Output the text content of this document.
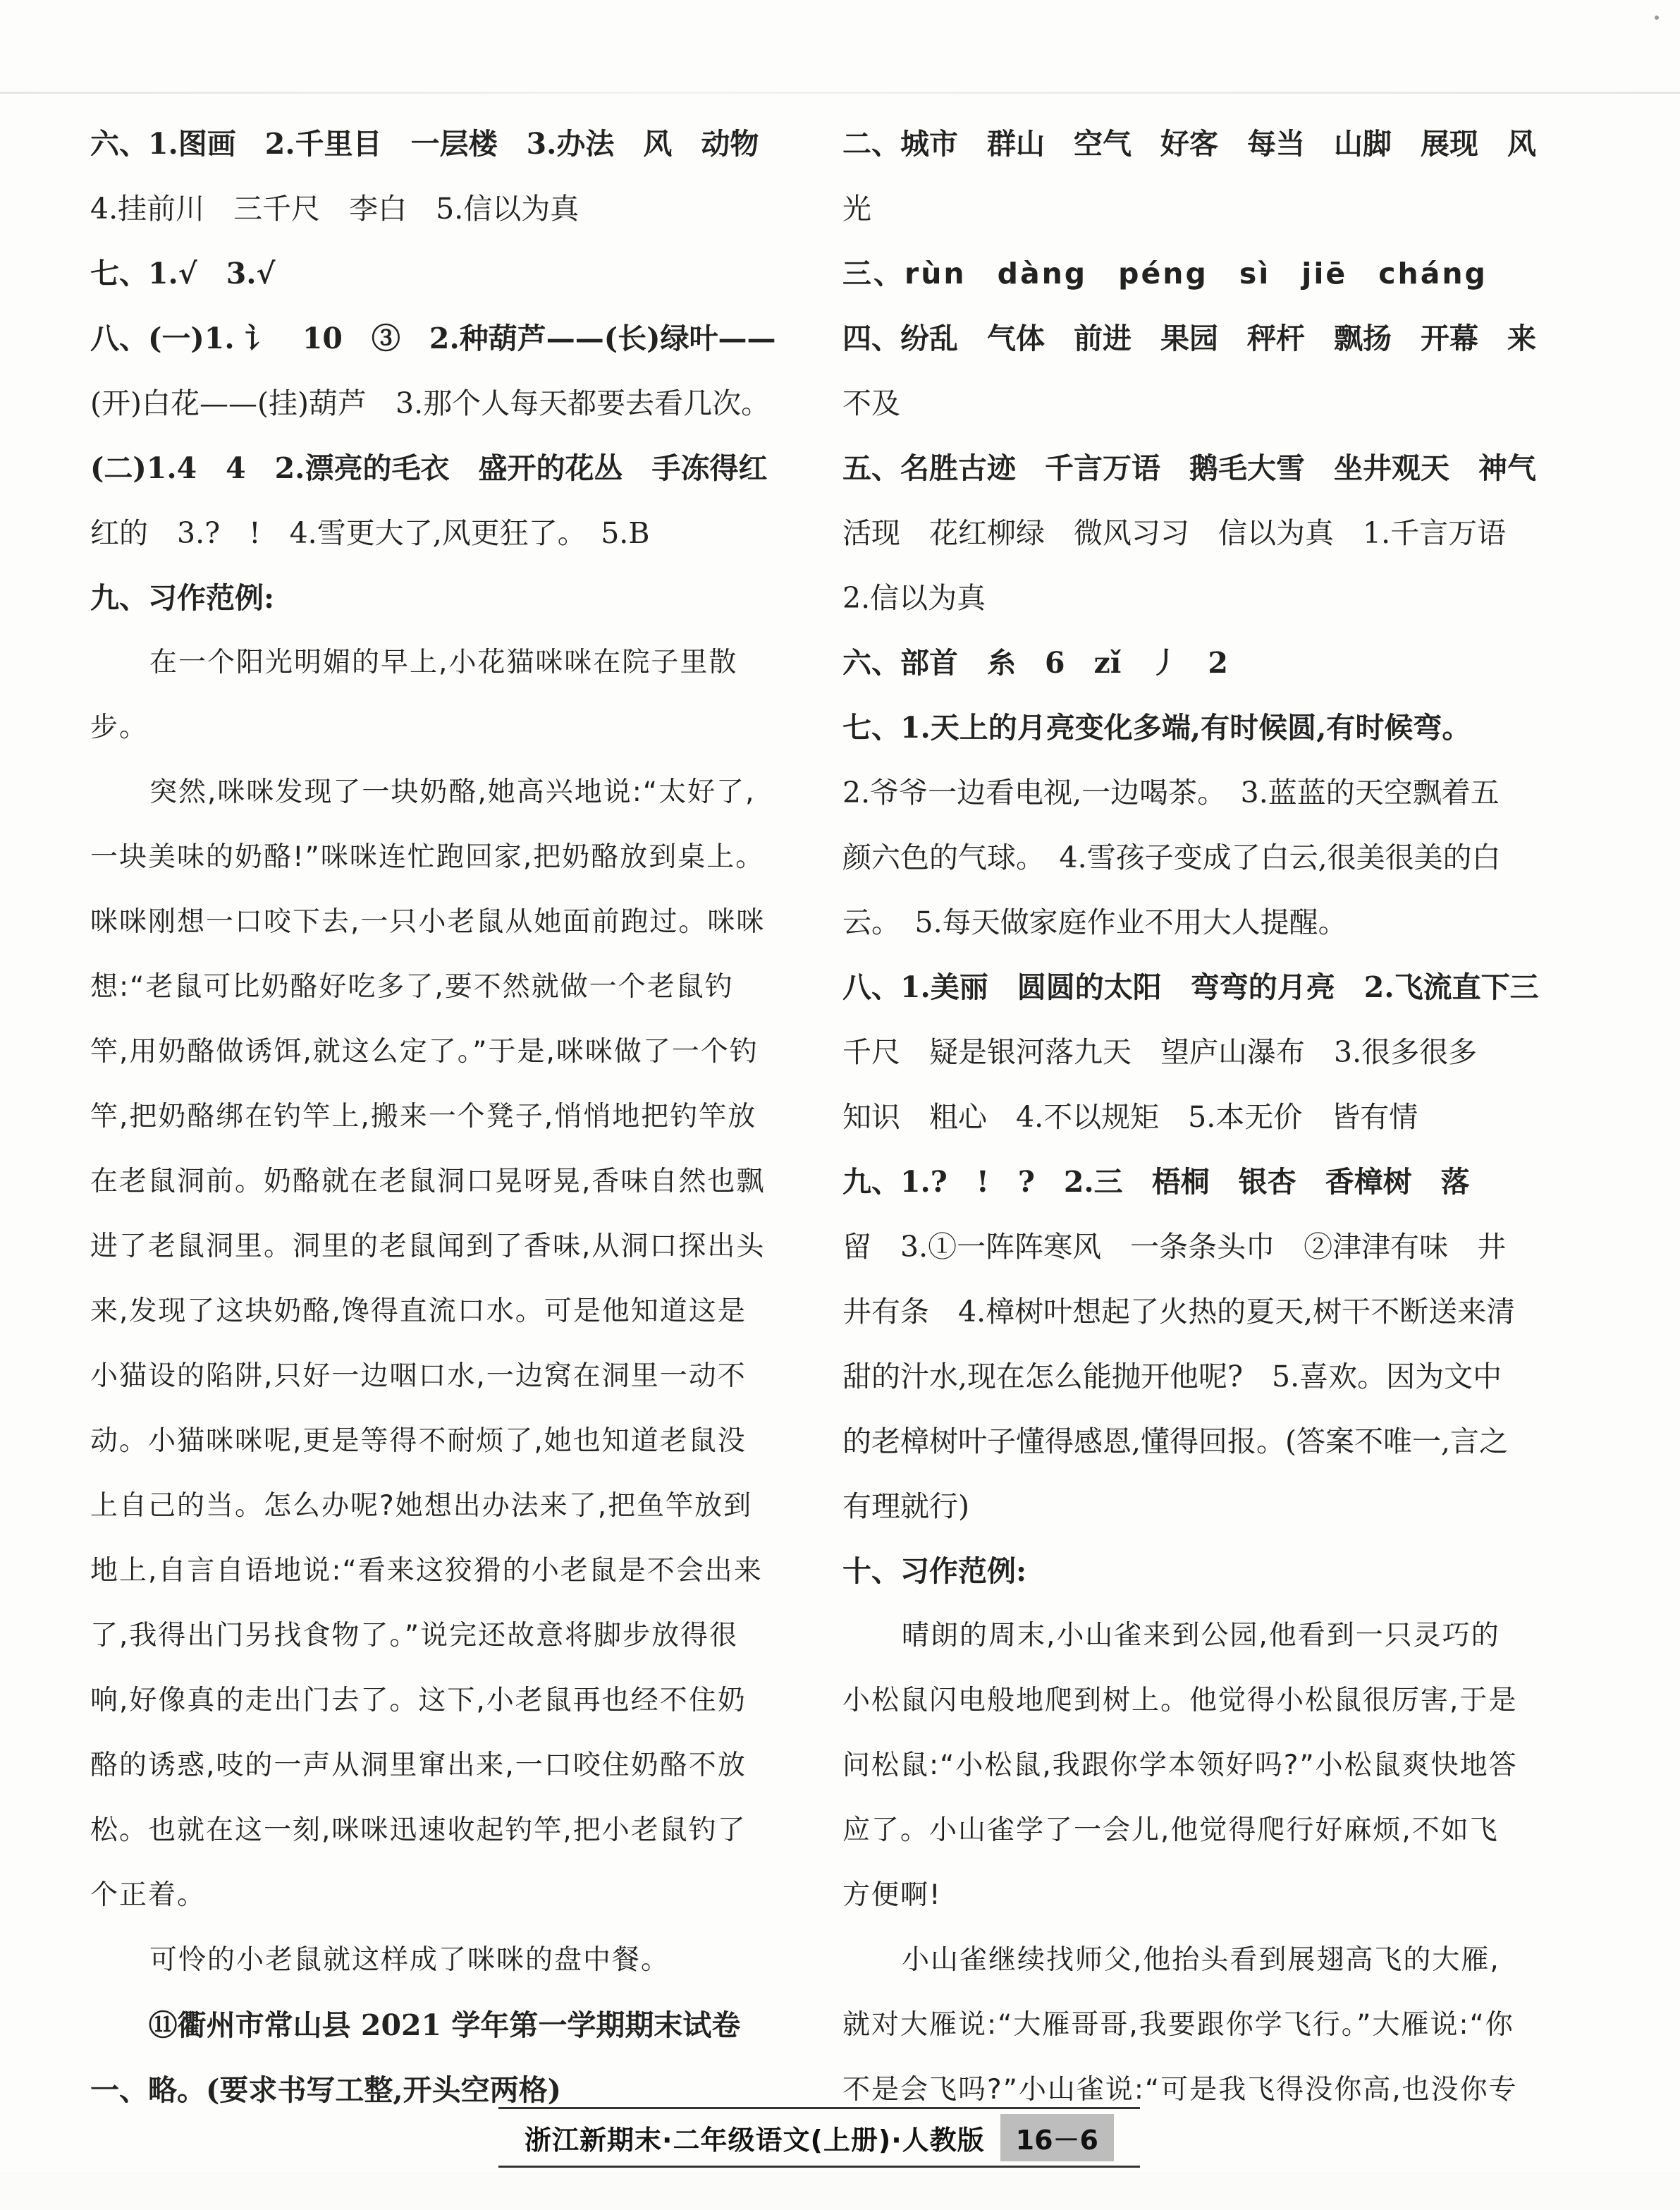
六、1.图画　2.千里目　一层楼　3.办法　风　动物
4.挂前川　三千尺　李白　5.信以为真
七、1.√　3.√
八、(一)1. 讠　10　③　2.种葫芦——(长)绿叶——
(开)白花——(挂)葫芦　3.那个人每天都要去看几次。
(二)1.4　4　2.漂亮的毛衣　盛开的花丛　手冻得红
红的　3.?　!　4.雪更大了,风更狂了。　5.B
九、习作范例:
在一个阳光明媚的早上,小花猫咪咪在院子里散
步。
突然,咪咪发现了一块奶酪,她高兴地说:“太好了,
一块美味的奶酪!”咪咪连忙跑回家,把奶酪放到桌上。
咪咪刚想一口咬下去,一只小老鼠从她面前跑过。咪咪
想:“老鼠可比奶酪好吃多了,要不然就做一个老鼠钓
竿,用奶酪做诱饵,就这么定了。”于是,咪咪做了一个钓
竿,把奶酪绑在钓竿上,搬来一个凳子,悄悄地把钓竿放
在老鼠洞前。奶酪就在老鼠洞口晃呀晃,香味自然也飘
进了老鼠洞里。洞里的老鼠闻到了香味,从洞口探出头
来,发现了这块奶酪,馋得直流口水。可是他知道这是
小猫设的陷阱,只好一边咽口水,一边窝在洞里一动不
动。小猫咪咪呢,更是等得不耐烦了,她也知道老鼠没
上自己的当。怎么办呢?她想出办法来了,把鱼竿放到
地上,自言自语地说:“看来这狡猾的小老鼠是不会出来
了,我得出门另找食物了。”说完还故意将脚步放得很
响,好像真的走出门去了。这下,小老鼠再也经不住奶
酪的诱惑,吱的一声从洞里窜出来,一口咬住奶酪不放
松。也就在这一刻,咪咪迅速收起钓竿,把小老鼠钓了
个正着。
可怜的小老鼠就这样成了咪咪的盘中餐。
⑪衢州市常山县 2021 学年第一学期期末试卷
一、略。(要求书写工整,开头空两格)
二、城市　群山　空气　好客　每当　山脚　展现　风
光
三、rùn　dàng　péng　sì　jiē　cháng
四、纷乱　气体　前进　果园　秤杆　飘扬　开幕　来
不及
五、名胜古迹　千言万语　鹅毛大雪　坐井观天　神气
活现　花红柳绿　微风习习　信以为真　1.千言万语
2.信以为真
六、部首　糸　6　zǐ　丿　2
七、1.天上的月亮变化多端,有时候圆,有时候弯。
2.爷爷一边看电视,一边喝茶。　3.蓝蓝的天空飘着五
颜六色的气球。　4.雪孩子变成了白云,很美很美的白
云。　5.每天做家庭作业不用大人提醒。
八、1.美丽　圆圆的太阳　弯弯的月亮　2.飞流直下三
千尺　疑是银河落九天　望庐山瀑布　3.很多很多
知识　粗心　4.不以规矩　5.本无价　皆有情
九、1.?　!　?　2.三　梧桐　银杏　香樟树　落
留　3.①一阵阵寒风　一条条头巾　②津津有味　井
井有条　4.樟树叶想起了火热的夏天,树干不断送来清
甜的汁水,现在怎么能抛开他呢?　5.喜欢。因为文中
的老樟树叶子懂得感恩,懂得回报。(答案不唯一,言之
有理就行)
十、习作范例:
晴朗的周末,小山雀来到公园,他看到一只灵巧的
小松鼠闪电般地爬到树上。他觉得小松鼠很厉害,于是
问松鼠:“小松鼠,我跟你学本领好吗?”小松鼠爽快地答
应了。小山雀学了一会儿,他觉得爬行好麻烦,不如飞
方便啊!
小山雀继续找师父,他抬头看到展翅高飞的大雁,
就对大雁说:“大雁哥哥,我要跟你学飞行。”大雁说:“你
不是会飞吗?”小山雀说:“可是我飞得没你高,也没你专
浙江新期末·二年级语文(上册)·人教版	16－6
